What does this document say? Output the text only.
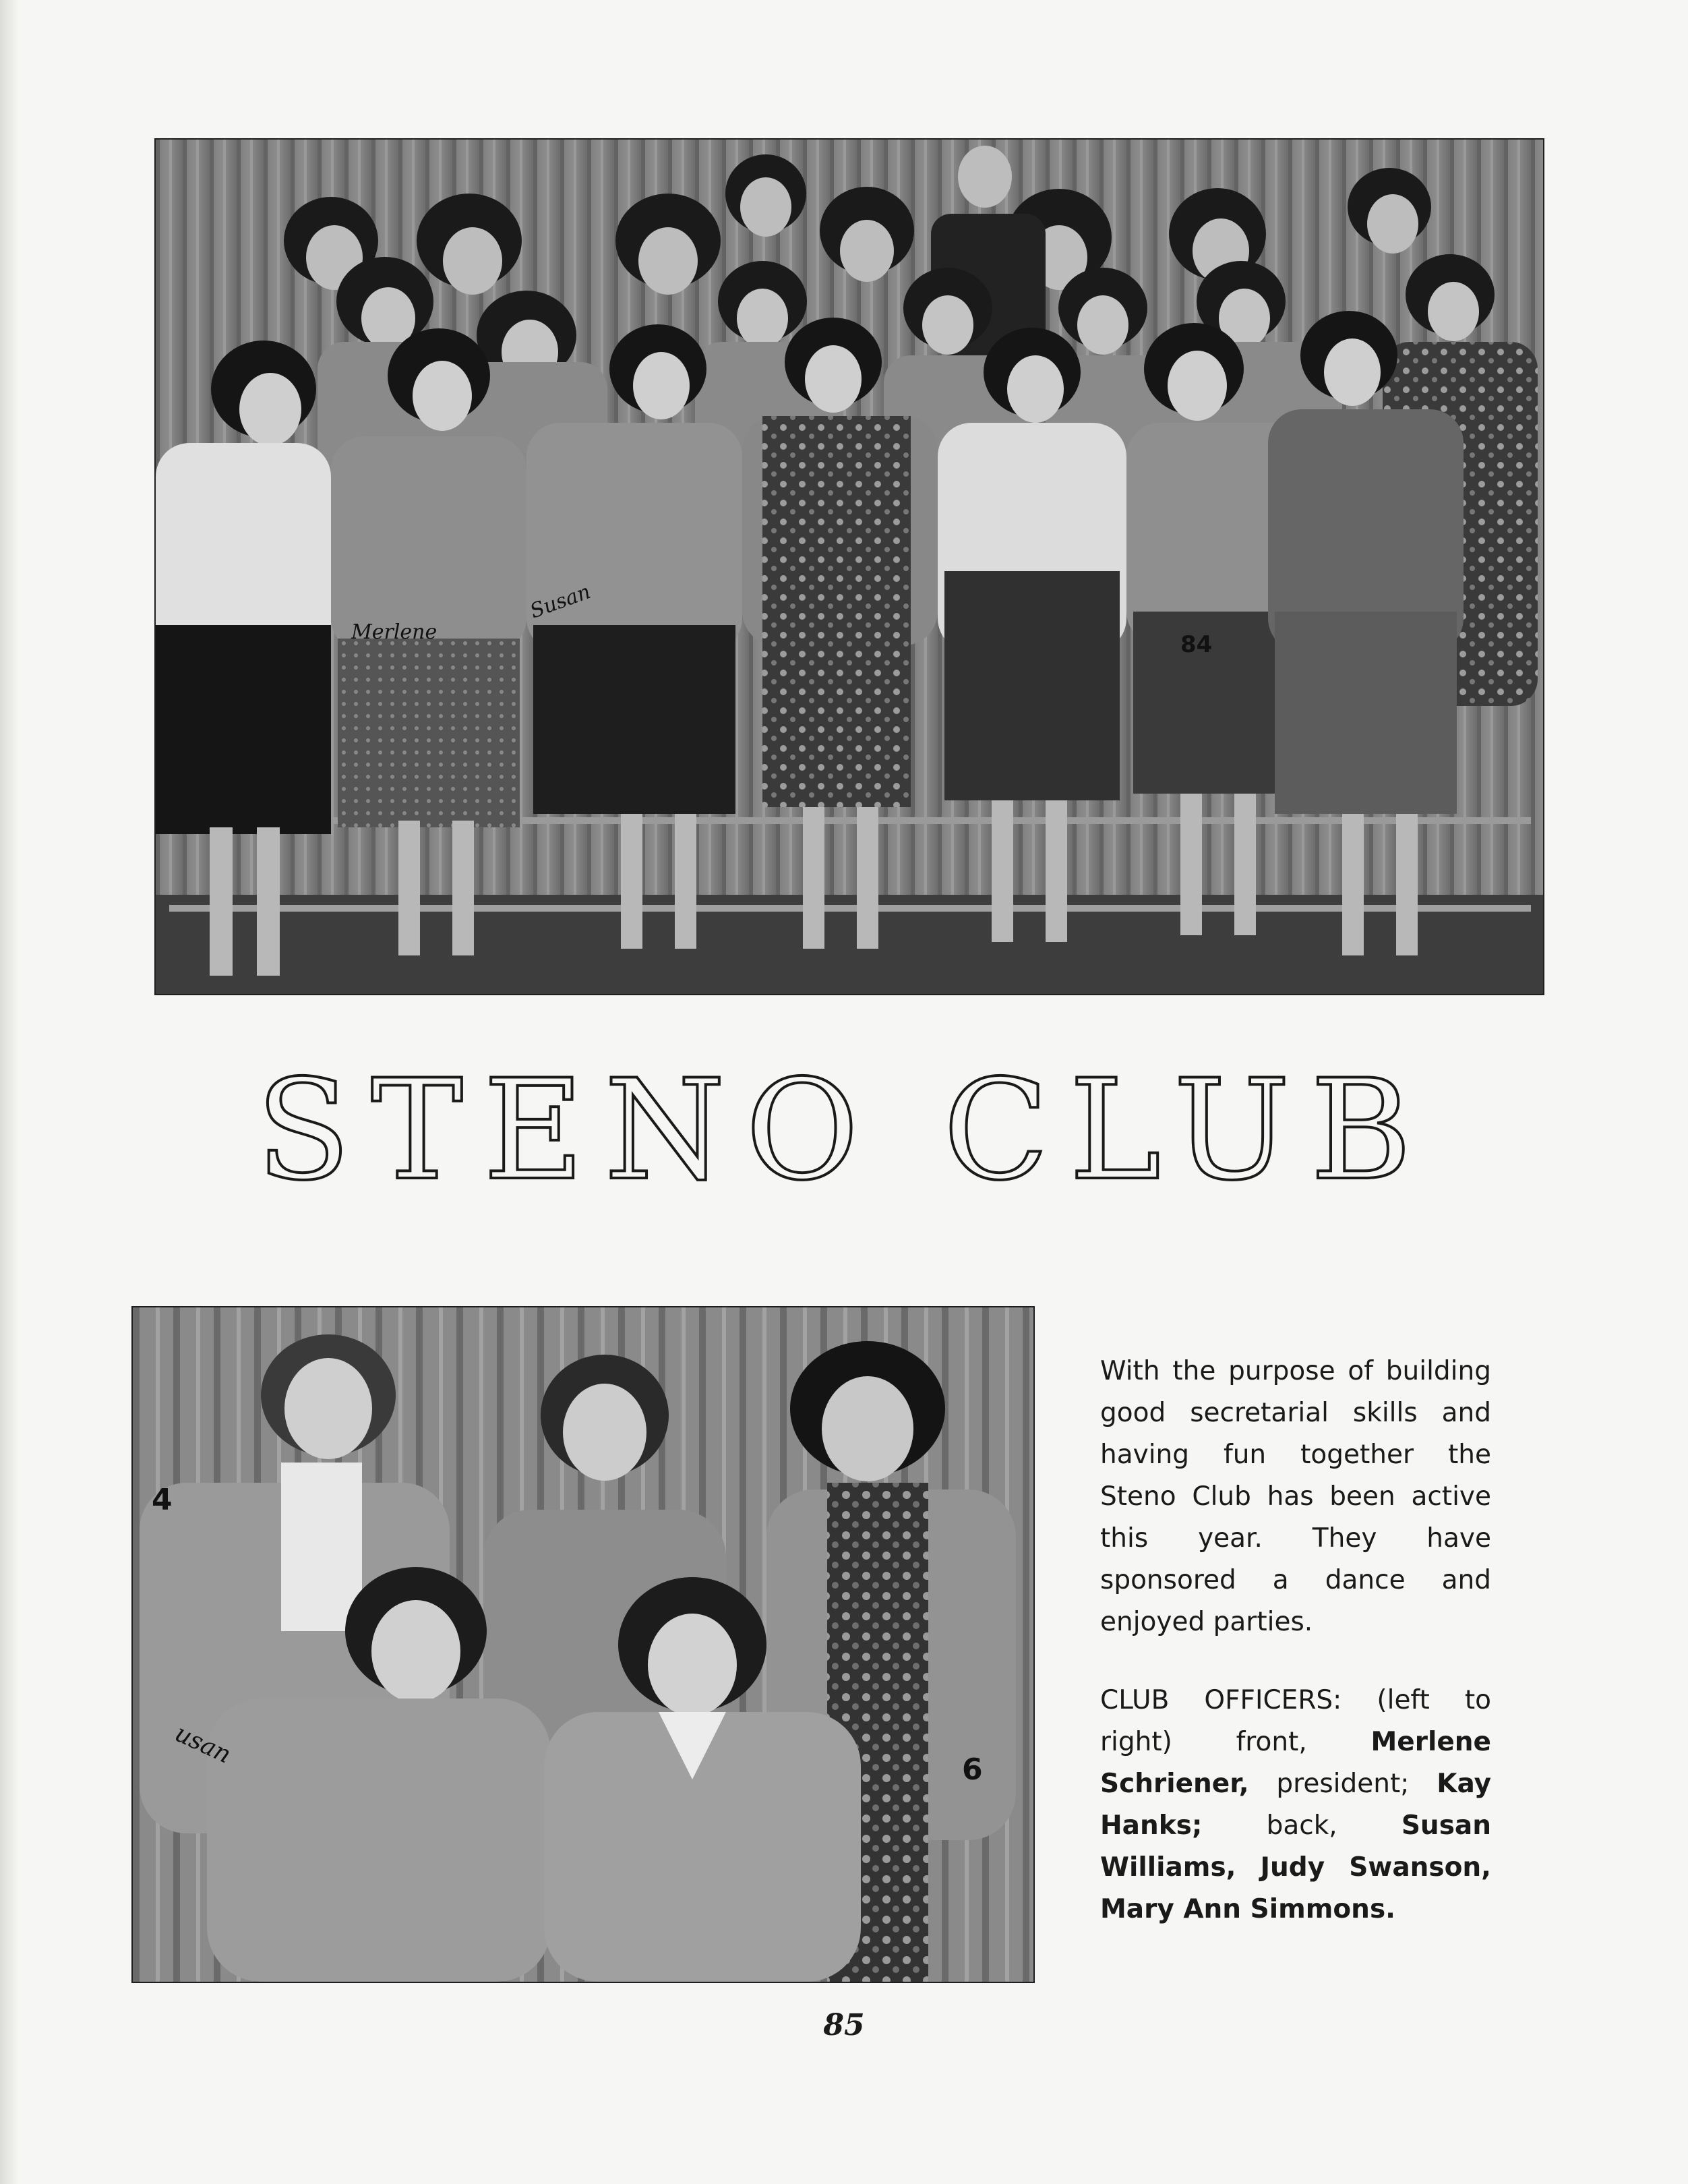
Merlene
Susan
84
STENO CLUB
usan
4
6
With the purpose of building good secretarial skills and having fun together the Steno Club has been active this year. They have sponsored a dance and enjoyed parties.
CLUB OFFICERS: (left to right) front, Merlene Schriener, president; Kay Hanks; back, Susan Williams, Judy Swanson, Mary Ann Simmons.
85
